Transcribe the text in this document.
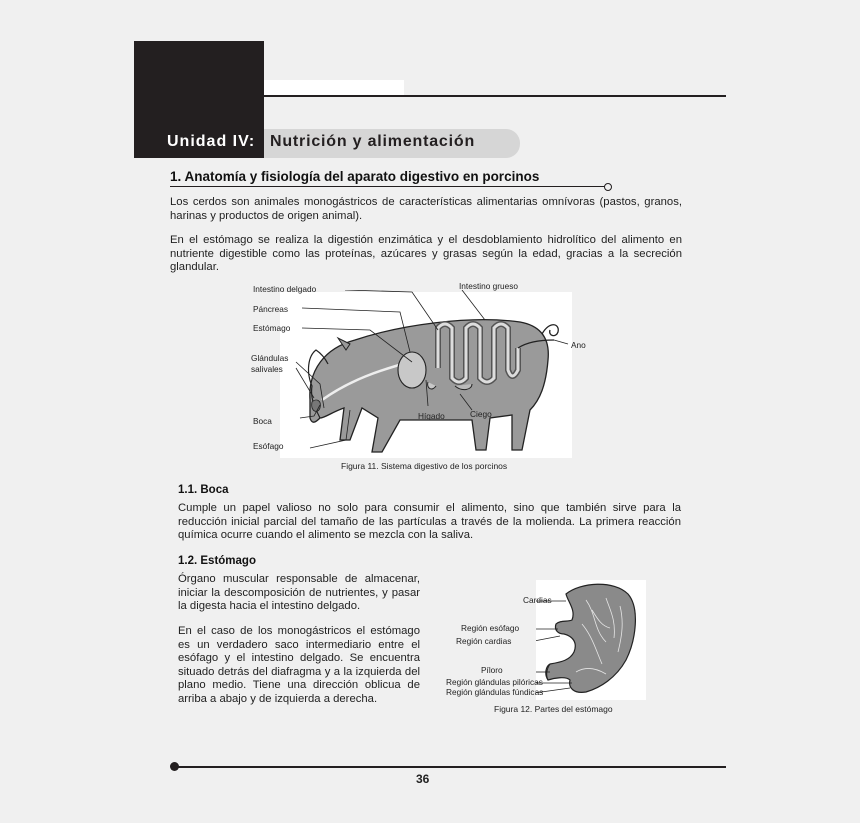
Unidad IV: Nutrición y alimentación
1. Anatomía y fisiología del aparato digestivo en porcinos
Los cerdos son animales monogástricos de características alimentarias omnívoras (pastos, granos, harinas y productos de origen animal).
En el estómago se realiza la digestión enzimática y el desdoblamiento hidrolítico del alimento en nutriente digestible como las proteínas, azúcares y grasas según la edad, gracias a la secreción glandular.
Intestino delgado	Intestino grueso
Páncreas
Estómago
Glándulas
salivales
Ano
Boca	Hígado	Ciego
Esófago
Figura 11. Sistema digestivo de los porcinos
1.1. Boca
Cumple un papel valioso no solo para consumir el alimento, sino que también sirve para la reducción inicial parcial del tamaño de las partículas a través de la molienda. La primera reacción química ocurre cuando el alimento se mezcla con la saliva.
1.2. Estómago
Órgano muscular responsable de almacenar, iniciar la descomposición de nutrientes, y pasar la digesta hacia el intestino delgado.
En el caso de los monogástricos el estómago es un verdadero saco intermediario entre el esófago y el intestino delgado. Se encuentra situado detrás del diafragma y a la izquierda del plano medio. Tiene una dirección oblicua de arriba a abajo y de izquierda a derecha.
Cardias
Región esófago
Región cardias
Píloro
Región glándulas pilóricas
Región glándulas fúndicas
Figura 12. Partes del estómago
36
